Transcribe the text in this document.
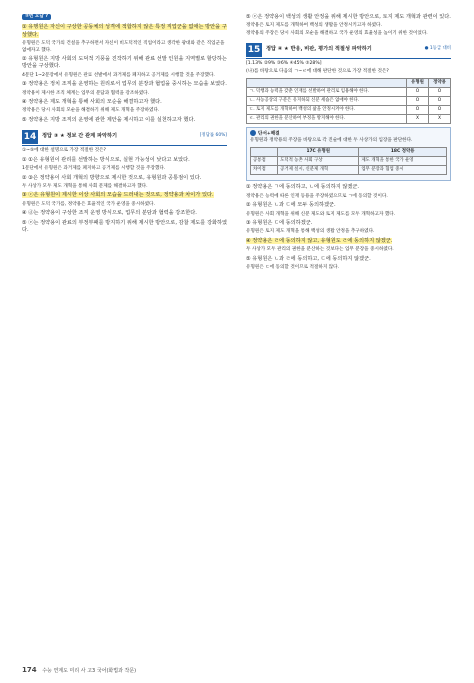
②번 오답 ?

① 유행원은 자신이 구상한 공동체의 성격에 적합하지 않은 특정 직업군을 없애는 방안을 구상했다.

유형원은 도덕 국가의 건설을 추구하면서 자신이 비도덕적인 직업이라고 생각한 광대와 같은 직업군을 없애자고 했다.

② 유형원은 지방 사회의 도덕적 기풍을 진작하기 위해 관료 선발 인원을 지역별로 할당하는 방안을 구상했다.

4문단 1~2문장에서 유형원은 관료 선발에서 과거제를 폐지하고 공거제를 시행할 것을 주장했다.

③ 정약용은 정치 조직을 운영하는 원리로서 업무의 분장과 협업을 중시하는 모습을 보였다.

정약용이 제시한 조직 체계는 업무의 분담과 협력을 강조하였다.

④ 정약용은 제도 개혁을 통해 사회의 모순을 해결하고자 했다.

정약용은 당시 사회의 모순을 해결하기 위해 제도 개혁을 주장하였다.

⑤ 정약용은 지방 조직의 운영에 관한 제안을 제시하고 이를 실천하고자 했다.

14	정답 ③ ★ 정보 간 관계 파악하기	[정답률 60%]

①~⑤에 대한 설명으로 가장 적절한 것은?

① ①은 유형원이 관리를 선발하는 방식으로, 실현 가능성이 낮다고 보았다.

1문단에서 유형원은 과거제를 폐지하고 공거제를 시행할 것을 주장했다.

② ③은 정약용이 사회 개혁의 방향으로 제시한 것으로, 유형원과 공통점이 있다.

두 사상가 모두 제도 개혁을 통해 사회 문제를 해결하고자 했다.

③ ⓒ은 유형원이 제시한 이상 사회의 모습을 드러내는 것으로, 정약용과 차이가 있다.

유형원은 도덕 국가를, 정약용은 효율적인 국가 운영을 중시하였다.

④ ⓓ는 정약용이 구상한 조직 운영 방식으로, 업무의 분담과 협력을 강조한다.

⑤ ⓔ는 정약용이 관료의 부정부패를 방지하기 위해 제시한 방안으로, 감찰 제도를 강화하였다.

⑤ ⓔ은 정약용이 백성의 생활 안정을 위해 제시한 방안으로, 토지 제도 개혁과 관련이 있다.

정약용은 토지 제도를 개혁하여 백성의 생활을 안정시키고자 하였다.

정약용의 주장은 당시 사회의 모순을 해결하고 국가 운영의 효율성을 높이기 위한 것이었다.

15	정답 ④ ★ 반응, 비판, 평가의 적절성 파악하기	● 1등급 대비

[1.13% ②9% ③6% ④45% ⑤28%]

(나)를 바탕으로 다음의 ㄱ~ㄹ에 대해 판단한 것으로 가장 적절한 것은?

	유형원	정약용
ㄱ. 덕행과 능력을 갖춘 인재를 선발하여 관리로 임용해야 한다.	O	O
ㄴ. 사농공상의 구분은 유지하되 신분 세습은 없애야 한다.	O	O
ㄷ. 토지 제도를 개혁하여 백성의 삶을 안정시켜야 한다.	O	O
ㄹ. 관리의 권한을 분산하여 부정을 방지해야 한다.	X	X

단서+해결

유형원과 정약용의 주장을 바탕으로 각 진술에 대한 두 사상가의 입장을 판단한다.

	17C 유형원	18C 정약용
공통점	도덕적 농촌 사회 구상	제도 개혁을 통한 국가 운영
차이점	공거제 실시, 신분제 개혁	업무 분장과 협업 중시

① 정약용은 ㄱ에 동의하고, ㄴ에 동의하지 않겠군.

정약용은 능력에 따른 인재 등용을 주장하였으므로 ㄱ에 동의할 것이다.

② 유형원은 ㄴ과 ㄷ에 모두 동의하겠군.

유형원은 사회 개혁을 위해 신분 제도와 토지 제도를 모두 개혁하고자 했다.

③ 유형원은 ㄷ에 동의하겠군.

유형원은 토지 제도 개혁을 통해 백성의 생활 안정을 추구하였다.

④ 정약용은 ㄹ에 동의하지 않고, 유형원도 ㄹ에 동의하지 않겠군.

두 사상가 모두 관리의 권한을 분산하는 것보다는 업무 분장을 중시하였다.

⑤ 유형원은 ㄴ과 ㄹ에 동의하고, ㄷ에 동의하지 않겠군.

유형원은 ㄷ에 동의할 것이므로 적절하지 않다.

174 수능 연계도 미리 사 고3 국어(화법과 작문)
